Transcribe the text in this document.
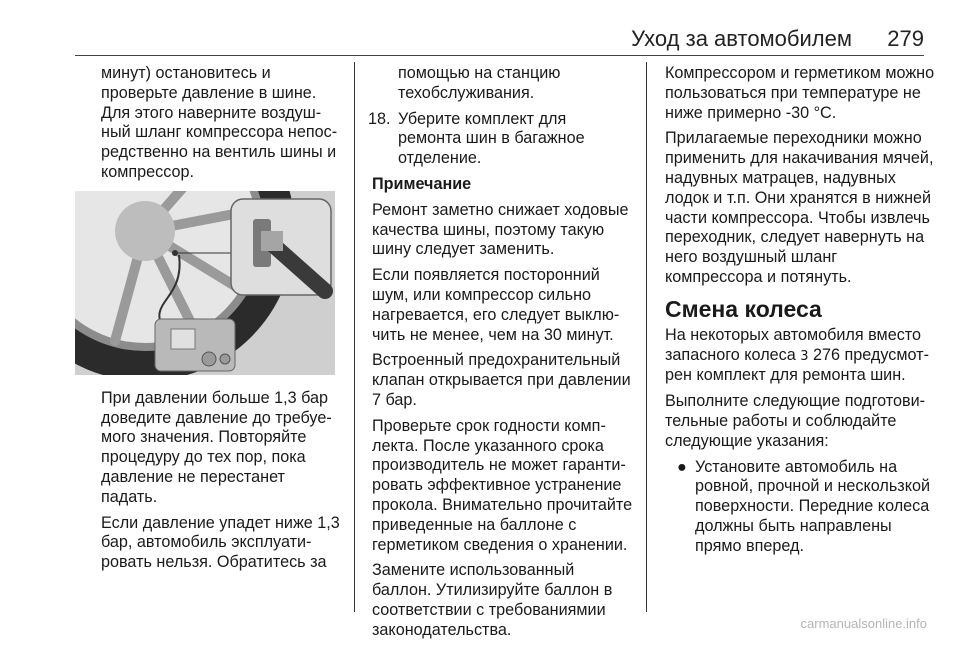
Уход за автомобилем 279

минут) остановитесь и проверьте давление в шине. Для этого наверните воздушный шланг компрессора непосредственно на вентиль шины и компрессор.

При давлении больше 1,3 бар доведите давление до требуемого значения. Повторяйте процедуру до тех пор, пока давление не перестанет падать.

Если давление упадет ниже 1,3 бар, автомобиль эксплуатировать нельзя. Обратитесь за

помощью на станцию техобслуживания.

18. Уберите комплект для ремонта шин в багажное отделение.

Примечание

Ремонт заметно снижает ходовые качества шины, поэтому такую шину следует заменить.

Если появляется посторонний шум, или компрессор сильно нагревается, его следует выключить не менее, чем на 30 минут.

Встроенный предохранительный клапан открывается при давлении 7 бар.

Проверьте срок годности комплекта. После указанного срока производитель не может гарантировать эффективное устранение прокола. Внимательно прочитайте приведенные на баллоне с герметиком сведения о хранении.

Замените использованный баллон. Утилизируйте баллон в соответствии с требованиямии законодательства.

Компрессором и герметиком можно пользоваться при температуре не ниже примерно -30 °C.

Прилагаемые переходники можно применить для накачивания мячей, надувных матрацев, надувных лодок и т.п. Они хранятся в нижней части компрессора. Чтобы извлечь переходник, следует навернуть на него воздушный шланг компрессора и потянуть.

Смена колеса

На некоторых автомобиля вместо запасного колеса 3 276 предусмотрен комплект для ремонта шин.

Выполните следующие подготовительные работы и соблюдайте следующие указания:

● Установите автомобиль на ровной, прочной и нескользкой поверхности. Передние колеса должны быть направлены прямо вперед.

carmanualsonline.info
